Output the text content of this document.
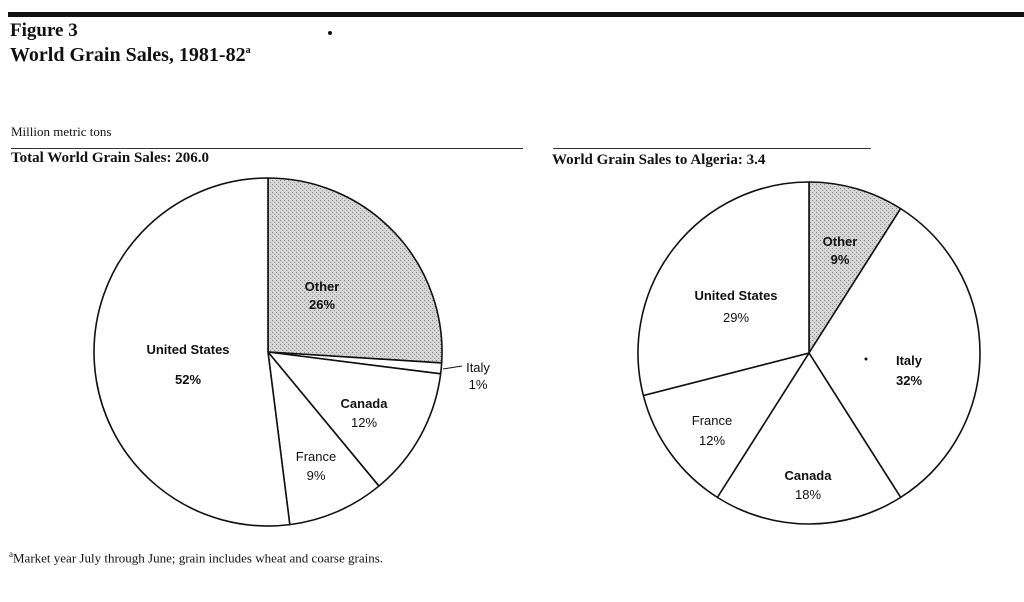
Figure 3
World Grain Sales, 1981-82$^a$
Million metric tons
Total World Grain Sales: 206.0	World Grain Sales to Algeria: 3.4
Other
26%
Italy
1%
Canada
12%
France
9%
United States
52%
Other
9%
Italy
32%
Canada
18%
France
12%
United States
29%
$^a$Market year July through June; grain includes wheat and coarse grains.
